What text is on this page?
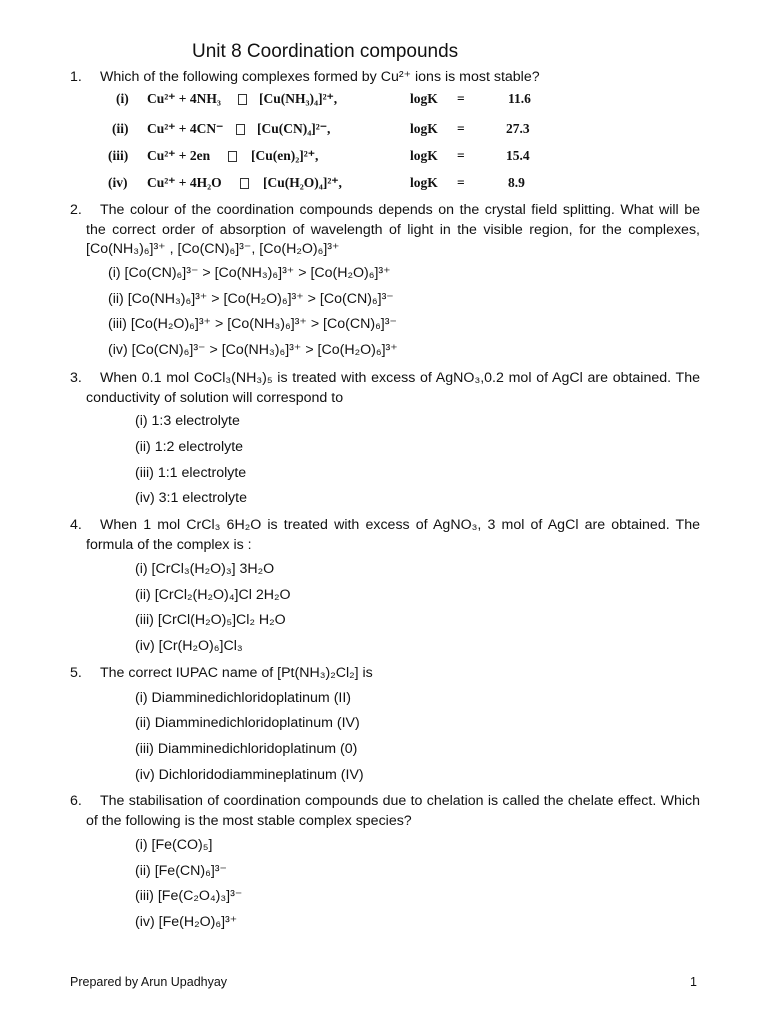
Unit 8 Coordination compounds
1.	Which of the following complexes formed by Cu²⁺ ions is most stable?
(i) Cu²⁺ + 4NH₃	[Cu(NH₃)₄]²⁺,	logK =	11.6
(ii) Cu²⁺ + 4CN⁻	[Cu(CN)₄]²⁻,	logK =	27.3
(iii) Cu²⁺ + 2en	[Cu(en)₂]²⁺,	logK =	15.4
(iv) Cu²⁺ + 4H₂O	[Cu(H₂O)₄]²⁺,	logK =	8.9
2.	The colour of the coordination compounds depends on the crystal field splitting. What will be the correct order of absorption of wavelength of light in the visible region, for the complexes, [Co(NH₃)₆]³⁺ , [Co(CN)₆]³⁻, [Co(H₂O)₆]³⁺
(i) [Co(CN)₆]³⁻ > [Co(NH₃)₆]³⁺ > [Co(H₂O)₆]³⁺
(ii) [Co(NH₃)₆]³⁺ > [Co(H₂O)₆]³⁺ > [Co(CN)₆]³⁻
(iii) [Co(H₂O)₆]³⁺ > [Co(NH₃)₆]³⁺ > [Co(CN)₆]³⁻
(iv) [Co(CN)₆]³⁻ > [Co(NH₃)₆]³⁺ > [Co(H₂O)₆]³⁺
3.	When 0.1 mol CoCl₃(NH₃)₅ is treated with excess of AgNO₃,0.2 mol of AgCl are obtained. The conductivity of solution will correspond to
(i) 1:3 electrolyte
(ii) 1:2 electrolyte
(iii) 1:1 electrolyte
(iv) 3:1 electrolyte
4.	When 1 mol CrCl₃ 6H₂O is treated with excess of AgNO₃, 3 mol of AgCl are obtained. The formula of the complex is :
(i) [CrCl₃(H₂O)₃] 3H₂O
(ii) [CrCl₂(H₂O)₄]Cl 2H₂O
(iii) [CrCl(H₂O)₅]Cl₂ H₂O
(iv) [Cr(H₂O)₆]Cl₃
5.	The correct IUPAC name of [Pt(NH₃)₂Cl₂] is
(i) Diamminedichloridoplatinum (II)
(ii) Diamminedichloridoplatinum (IV)
(iii) Diamminedichloridoplatinum (0)
(iv) Dichloridodiammineplatinum (IV)
6.	The stabilisation of coordination compounds due to chelation is called the chelate effect. Which of the following is the most stable complex species?
(i) [Fe(CO)₅]
(ii) [Fe(CN)₆]³⁻
(iii) [Fe(C₂O₄)₃]³⁻
(iv) [Fe(H₂O)₆]³⁺
Prepared by Arun Upadhyay	1
